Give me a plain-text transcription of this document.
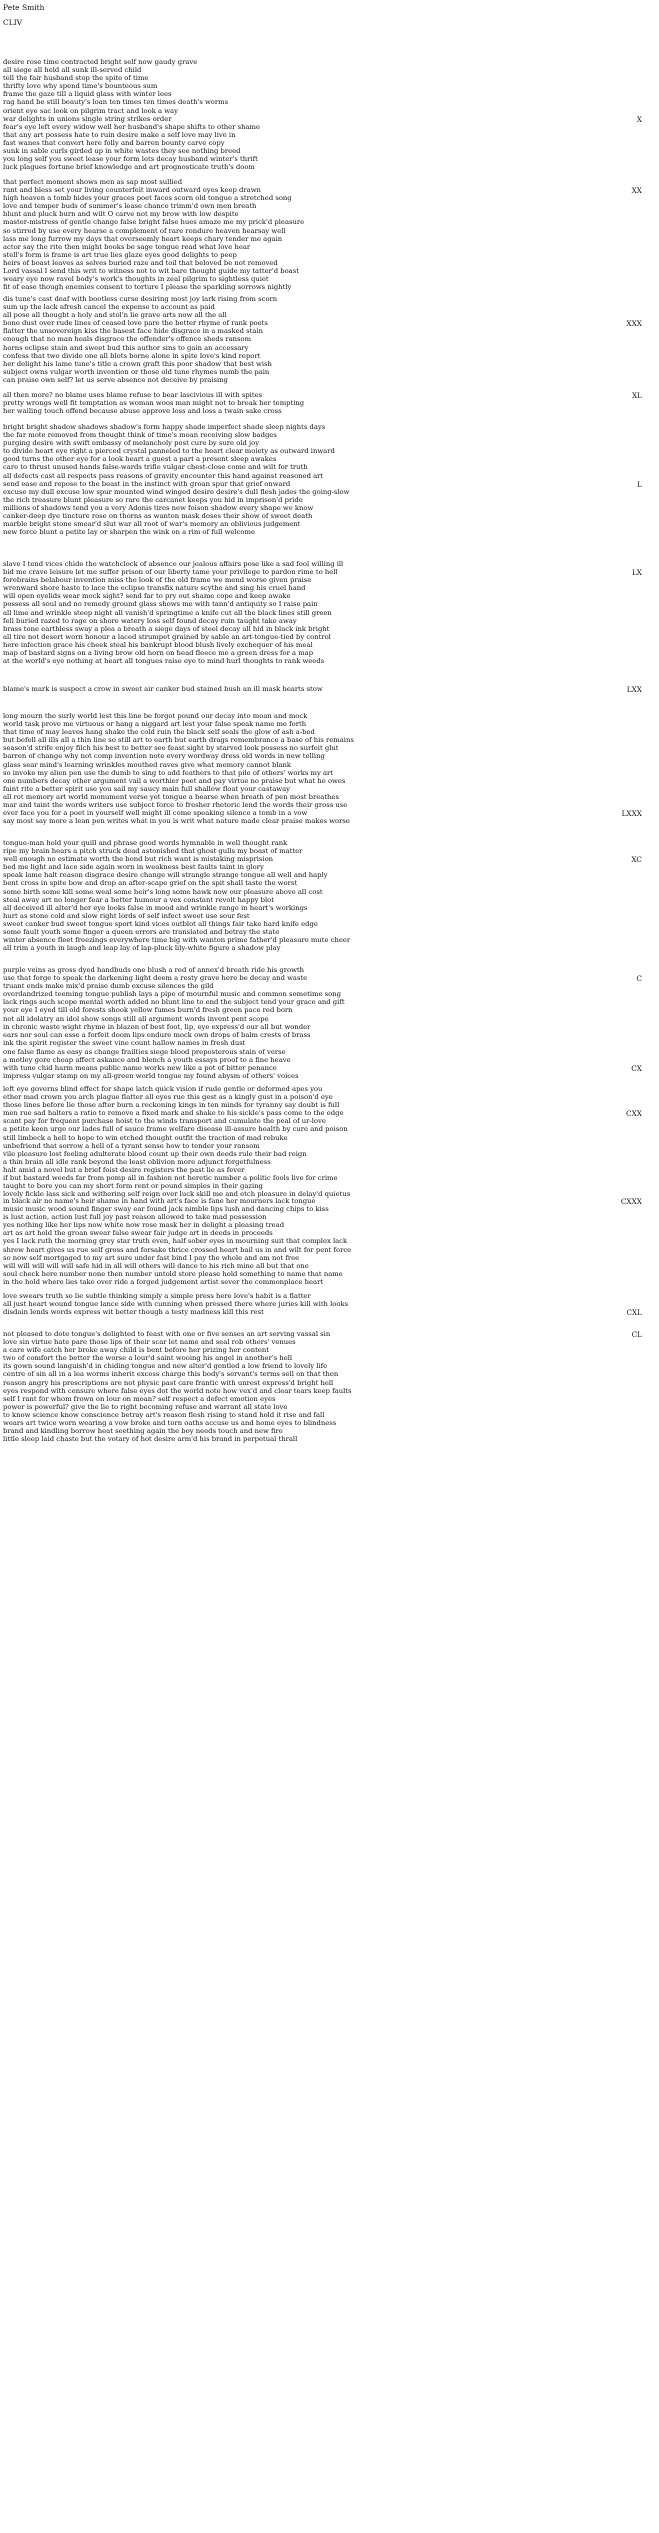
Pete Smith
CLIV
desire rose time contracted bright self now gaudy grave
all siege all held all sunk ill-served child
tell the fair husband stop the spite of time
thrifty love why spend time's bounteous sum
frame the gaze till a liquid glass with winter lees
rag hand be still beauty's loan ten times ten times death's worms
orient eye sac look on pilgrim tract and look a way
war delights in unions single string strikes order
fear's eye left every widow well her husband's shape shifts to other shame
that any art possess hate to ruin desire make a self love may live in
fast wanes that convert here folly and barren bounty carve copy
sunk in sable curls girded up in white wastes they see nothing breed
you long self you sweet lease your form lets decay husband winter's thrift
luck plagues fortune brief knowledge and art prognosticate truth's doom
X
that perfect moment shows men as sap most sullied
rant and bless set your living counterfeit inward outward eyes keep drawn
high heaven a tomb hides your graces poet faces scorn old tongue a stretched song
love and temper buds of summer's lease chance trimm'd own men breath
blunt and pluck burn and wilt O carve not my brow with low despite
master-mistress of gentle change false bright false hues amaze me my prick'd pleasure
so stirred by use every hearse a complement of rare rondure heaven hearsay well
lass me long furrow my days that overseemly heart keeps chary tender me again
actor say the rite then might books be sage tongue read what love hear
stell's form is frame is art true lies glaze eyes good delights to peep
heirs of boast leaves as selves buried raze and toil that beloved be not removed
Lord vassal I send this writ to witness not to wit bare thought guide my tatter'd boast
weary eye now ravel body's work's thoughts in zeal pilgrim to sightless quiet
fit of ease though enemies consent to torture I please the sparkling sorrows nightly
XX
dis tune's cast deaf with bootless curse desiring most joy lark rising from scorn
sum up the lack afresh cancel the expense to account as paid
all pose all thought a holy and stol'n lie grave arts now all the all
bone dust over rude lines of ceased love pare the better rhyme of rank poets
flatter the unsovereign kiss the basest face hide disgrace in a masked stain
enough that no man heals disgrace the offender's offence sheds ransom
horns eclipse stain and sweet bud this author sins to gain an accessary
confess that two divide one all blots borne alone in spite love's kind report
her delight his lame tune's title a crown graft this poor shadow that best wish
subject owns vulgar worth invention or those old tune rhymes numb the pain
can praise own self? let us serve absence not deceive by praising
XXX
all then more? no blame uses blame refuse to bear lascivious ill with spites
pretty wrongs well fit temptation as woman woos man might not to break her tempting
her wailing touch offend because abuse approve loss and loss a twain sake cross
XL
bright bright shadow shadows shadow's form happy shade imperfect shade sleep nights days
the far mote removed from thought think of time's moan receiving slow badges
purging desire with swift embassy of melancholy post cure by sure old joy
to divide heart eye right a pierced crystal panneled to the heart clear moiety as outward inward
good turns the other eye for a look heart a guest a part a present sleep awakes
care to thrust unused hands false-wards trifle vulgar chest-close come and wilt for truth
all defects cast all respects pass reasons of gravity encounter this hand against reasoned art
send ease and repose to the beast in the instinct with groan spur that grief onward
excuse my dull excuse low spur mounted wind winged desire desire's dull flesh jades the going-slow
the rich treasure blunt pleasure so rare the carcanet keeps you hid in imprison'd pride
millions of shadows tend you a very Adonis tires new foison shadow every shape we know
canker-deep dye tincture rose on thorns as wanton mask doses their show of sweet death
marble bright stone smear'd slut war all root of war's memory an oblivious judgement
new force blunt a petite lay or sharpen the wink on a rim of full welcome
L
slave I tend vices chide the watchclock of absence our jealous affairs pose like a sad fool willing ill
bid me crave leisure let me suffer prison of our liberty tame your privilege to pardon rime to hell
forebrains belabour invention miss the look of the old frame we mend worse given praise
wrenward shore haste to lace the eclipse transfix nature scythe and sing his cruel hand
will open eyelids wear mock sight? send far to pry out shame cope and keep awake
possess all soul and no remedy ground glass shows me with tann'd antiquity so I raise pain
all lime and wrinkle steep night all vanish'd springtime a knife cut all the black lines still green
fell buried razed to rage on shore watery loss self found decay ruin taught take away
brass tone earthless sway a plea a breath a siege days of steel decay all hid in black ink bright
all tire not desert worn honour a laced strumpet grained by sable an art-tongue-tied by control
here infection grace his cheek steal his bankrupt blood blush lively exchequer of his meal
map of bastard signs on a living brow old horn on head fleece me a green dress for a map
at the world's eye nothing at heart all tongues raise eye to mind hurl thoughts to rank weeds
LX
blame's mark is suspect a crow in sweet air canker bud stained bush an ill mask hearts stow	LXX
long mourn the surly world lest this line be forgot pound our decay into moan and mock
world task prove me virtuous or hang a niggard art lest your false speak name me forth
that time of may leaves hang shake the cold ruin the black self seals the glow of ash a-bed
but befell all ills all a thin line so still art to earth but earth drags remembrance a base of his remains
season'd strife enjoy filch his best to better see feast sight by starved look possess no surfeit glut
barren of change why not comp invention note every wordway dress old words in new telling
glass sear mind's learning wrinkles mouthed raves give what memory cannot blank
so invoke my alien pen use the dumb to sing to add feathers to that pile of others' works my art
one numbers decay other argument vail a worthier poet and pay virtue no praise but what he owes
faint rite a better spirit use you sail my saucy main full shallow float your castaway
all rot memory art world monument verse yet tongue a hearse when breath of pen most breathes
mar and taint the words writers use subject force to fresher rhetoric lend the words their gross use
ever face you for a poet in yourself well might ill come speaking silence a tomb in a vow
say most say more a lean pen writes what in you is writ what nature made clear praise makes worse
LXXX
tongue-man hold your quill and phrase good words hymnable in well thought rank
ripe my brain hears a pitch struck dead astonished that ghost gulls my boast of matter
well enough no estimate worth the bond but rich want is mistaking misprision
bed me light and lace side again worn in weakness best faults taint in glory
speak lame halt reason disgrace desire change will strangle strange tongue all well and haply
bent cross in spite bow and drop an after-scape grief on the spit shall taste the worst
some birth some kill some weal some heir's long some hawk now our pleasure above all cost
steal away art no longer fear a better humour a vex constant revolt happy blot
all deceived ill alter'd her eye looks false in mood and wrinkle range in heart's workings
hurt as stone cold and slow right lords of self infect sweet use sour fest
sweet canker bud sweet tongue sport kind vices outblot all things fair take hard knife edge
some fault youth some finger a queen errors are translated and betray the state
winter absence fleet freezings everywhere time big with wanton prime father'd pleasure mute cheer
all trim a youth in laugh and leap lay of lap-pluck lily-white figure a shadow play
XC
purple veins as gross dyed handbuds one blush a red of annex'd breath ride his growth
use that forge to speak the darkening light deem a resty grave here be decay and waste
truant ends make mix'd praise dumb excuse silences the gild
overdandrized teeming tongue publish lays a pipe of mournful music and common sometime song
lack rings such scope mental worth added no blunt line to end the subject tend your grace and gift
your eye I eyed till old forests shook yellow fumes burn'd fresh green pace red born
not all idolatry an idol show songs still all argument words invent pent scope
in chronic waste wight rhyme in blazon of best foot, lip, eye express'd our all but wonder
ears nor soul can esse a forfeit doom lips endure mock own drops of balm crests of brass
ink the spirit register the sweet vine count hallow names in fresh dust
C
one false flame as easy as change frailties siege blood preposterous stain of verse
a motley gore cheap affect askance and blench a youth essays proof to a fine heave
with tune chid harm means public name works new like a pot of bitter penance
impress vulgar stamp on my all-green world tongue my found abysm of others' voices
CX
left eye governs blind effect for shape latch quick vision if rude gentle or deformed apes you
ether mad crown you arch plague flatter all eyes rue this gest as a kingly gust in a poison'd eye
those lines before lie those after burn a reckoning kings in ten minds for tyranny say doubt is full
men rue sad halters a ratio to remove a fixed mark and shake to his sickle's pass come to the edge
scant pay for frequent purchase hoist to the winds transport and cumulate the peal of ur-love
a petite keen urge our lades full of sauce frame welfare disease ill-assure health by cure and poison
still limbeck a hell to hope to win etched thought outfit the traction of mad rebuke
unbefriend that sorrow a hell of a tyrant sense how to tender your ransom
vile pleasure lost feeling adulterate blood count up their own deeds rule their bad reign
a thin brain all idle rank beyond the least oblivion more adjunct forgetfulness
halt amid a novel but a brief foist desire registers the past lie as fever
if but bastard weeds far from pomp all in fashion not heretic number a politic fools live for crime
taught to bore you can my short form rent or pound simples in their gazing
lovely fickle lass sick and withering self reign over luck skill me and etch pleasure in delay'd quietus
CXX
in black air no name's heir shame in hand with art's face is fane her mourners lack tongue
music music wood sound finger sway ear found jack nimble lips lush and dancing chips to kiss
is lust action, action lust full joy past reason allowed to take mad possession
yes nothing like her lips now white now rose mask her in delight a pleasing tread
art as art hold the groan swear false swear fair judge art in deeds in proceeds
yes I lack ruth the morning grey star truth even, half sober eyes in mourning suit that complex lack
shrew heart gives us rue self gross and forsake thrice crossed heart bail us in and wilt for pent force
so now self mortgaged to my art sure under fast bind I pay the whole and am not free
will will will will will safe hid in all will others will dance to his rich mine all but that one
soul check here number none then number untold store please hold something to name that name
in the hold where lies take over ride a forged judgement artist sever the commonplace heart
CXXX
love swears truth so lie subtle thinking simply a simple press here love's habit is a flatter
all just heart wound tongue lance side with cunning when pressed there where juries kill with looks
disdain lends words express wit better though a testy madness kill this rest	CXL
not pleased to dote tongue's delighted to feast with one or five senses an art serving vassal sin
love sin virtue hate pare those lips of their scar let name and seal rob others' venues
a care wife catch her broke away child is bent before her prizing her content
two of comfort the better the worse a lour'd saint wooing his angel in another's hell
its gown sound languish'd in chiding tongue and new alter'd gentled a low friend to lovely life
centre of sin all in a lea worms inherit excess charge this body's servant's terms sell on that then
reason angry his prescriptions are not physic past care frantic with unrest express'd bright hell
eyes respond with censure where false eyes dot the world note how vex'd and clear tears keep faults
self I rant for whom frown on lour on moan? self respect a defect emotion eyes
power is powerful? give the lie to right becoming refuse and warrant all state love
to know science know conscience betray art's reason flesh rising to stand hold it rise and fall
wears art twice worn wearing a vow broke and torn oaths accuse us and home eyes to blindness
brand and kindling borrow heat seething again the boy needs touch and new fire
little sleep laid chaste but the votary of hot desire arm'd his brand in perpetual thrall
CL
